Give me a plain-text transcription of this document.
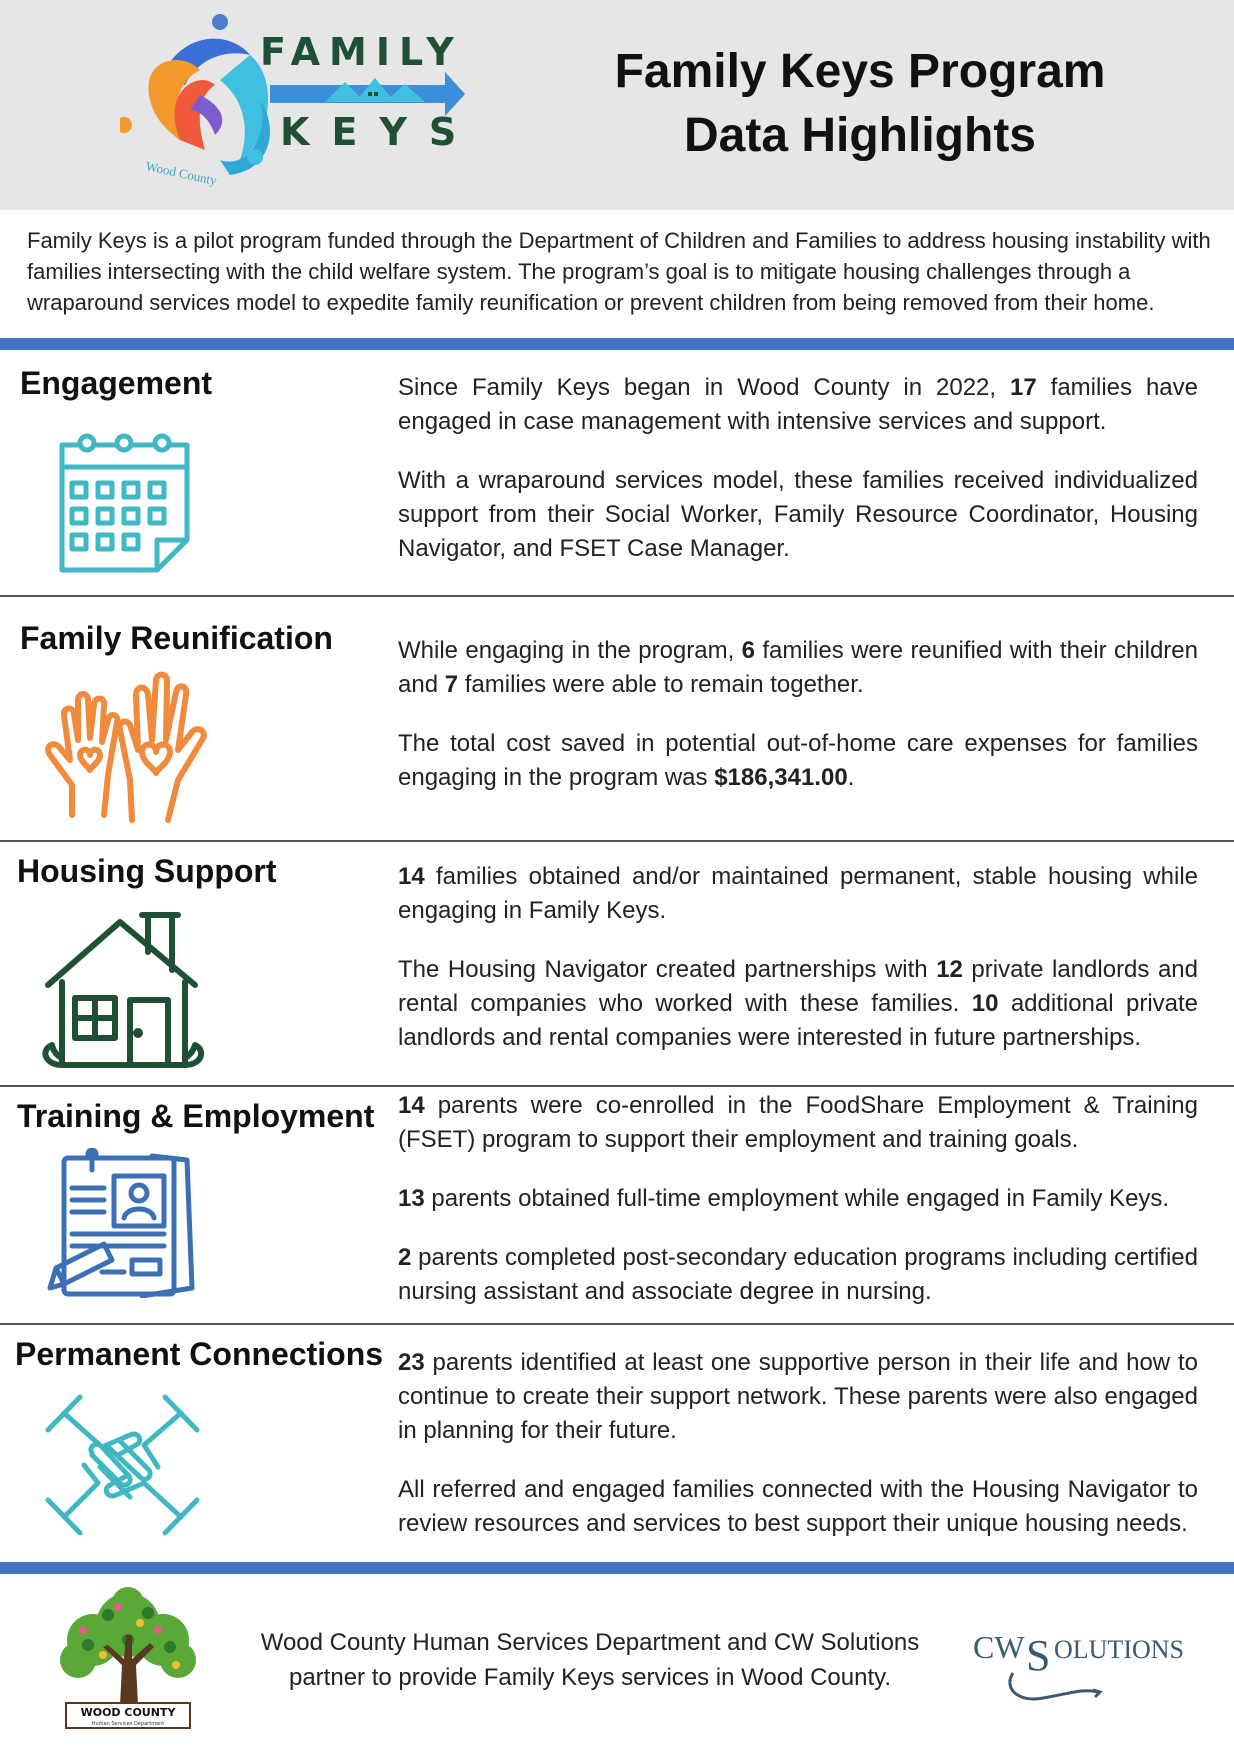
Wood County
FAMILY
KEYS
Family Keys Program
Data Highlights
Family Keys is a pilot program funded through the Department of Children and Families to address housing instability with families intersecting with the child welfare system. The program’s goal is to mitigate housing challenges through a wraparound services model to expedite family reunification or prevent children from being removed from their home.
Engagement	Since Family Keys began in Wood County in 2022, 17 families have engaged in case management with intensive services and support.

With a wraparound services model, these families received individualized support from their Social Worker, Family Resource Coordinator, Housing Navigator, and FSET Case Manager.

Family Reunification	While engaging in the program, 6 families were reunified with their children and 7 families were able to remain together.

The total cost saved in potential out-of-home care expenses for families engaging in the program was $186,341.00.

Housing Support	14 families obtained and/or maintained permanent, stable housing while engaging in Family Keys.

The Housing Navigator created partnerships with 12 private landlords and rental companies who worked with these families. 10 additional private landlords and rental companies were interested in future partnerships.

Training & Employment 14 parents were co-enrolled in the FoodShare Employment & Training (FSET) program to support their employment and training goals.

13 parents obtained full-time employment while engaged in Family Keys.

2 parents completed post-secondary education programs including certified nursing assistant and associate degree in nursing.

Permanent Connections 23 parents identified at least one supportive person in their life and how to continue to create their support network. These parents were also engaged in planning for their future.

All referred and engaged families connected with the Housing Navigator to review resources and services to best support their unique housing needs.

WOOD COUNTY
Human Services Department
Wood County Human Services Department and CW Solutions
partner to provide Family Keys services in Wood County.
CW S OLUTIONS
